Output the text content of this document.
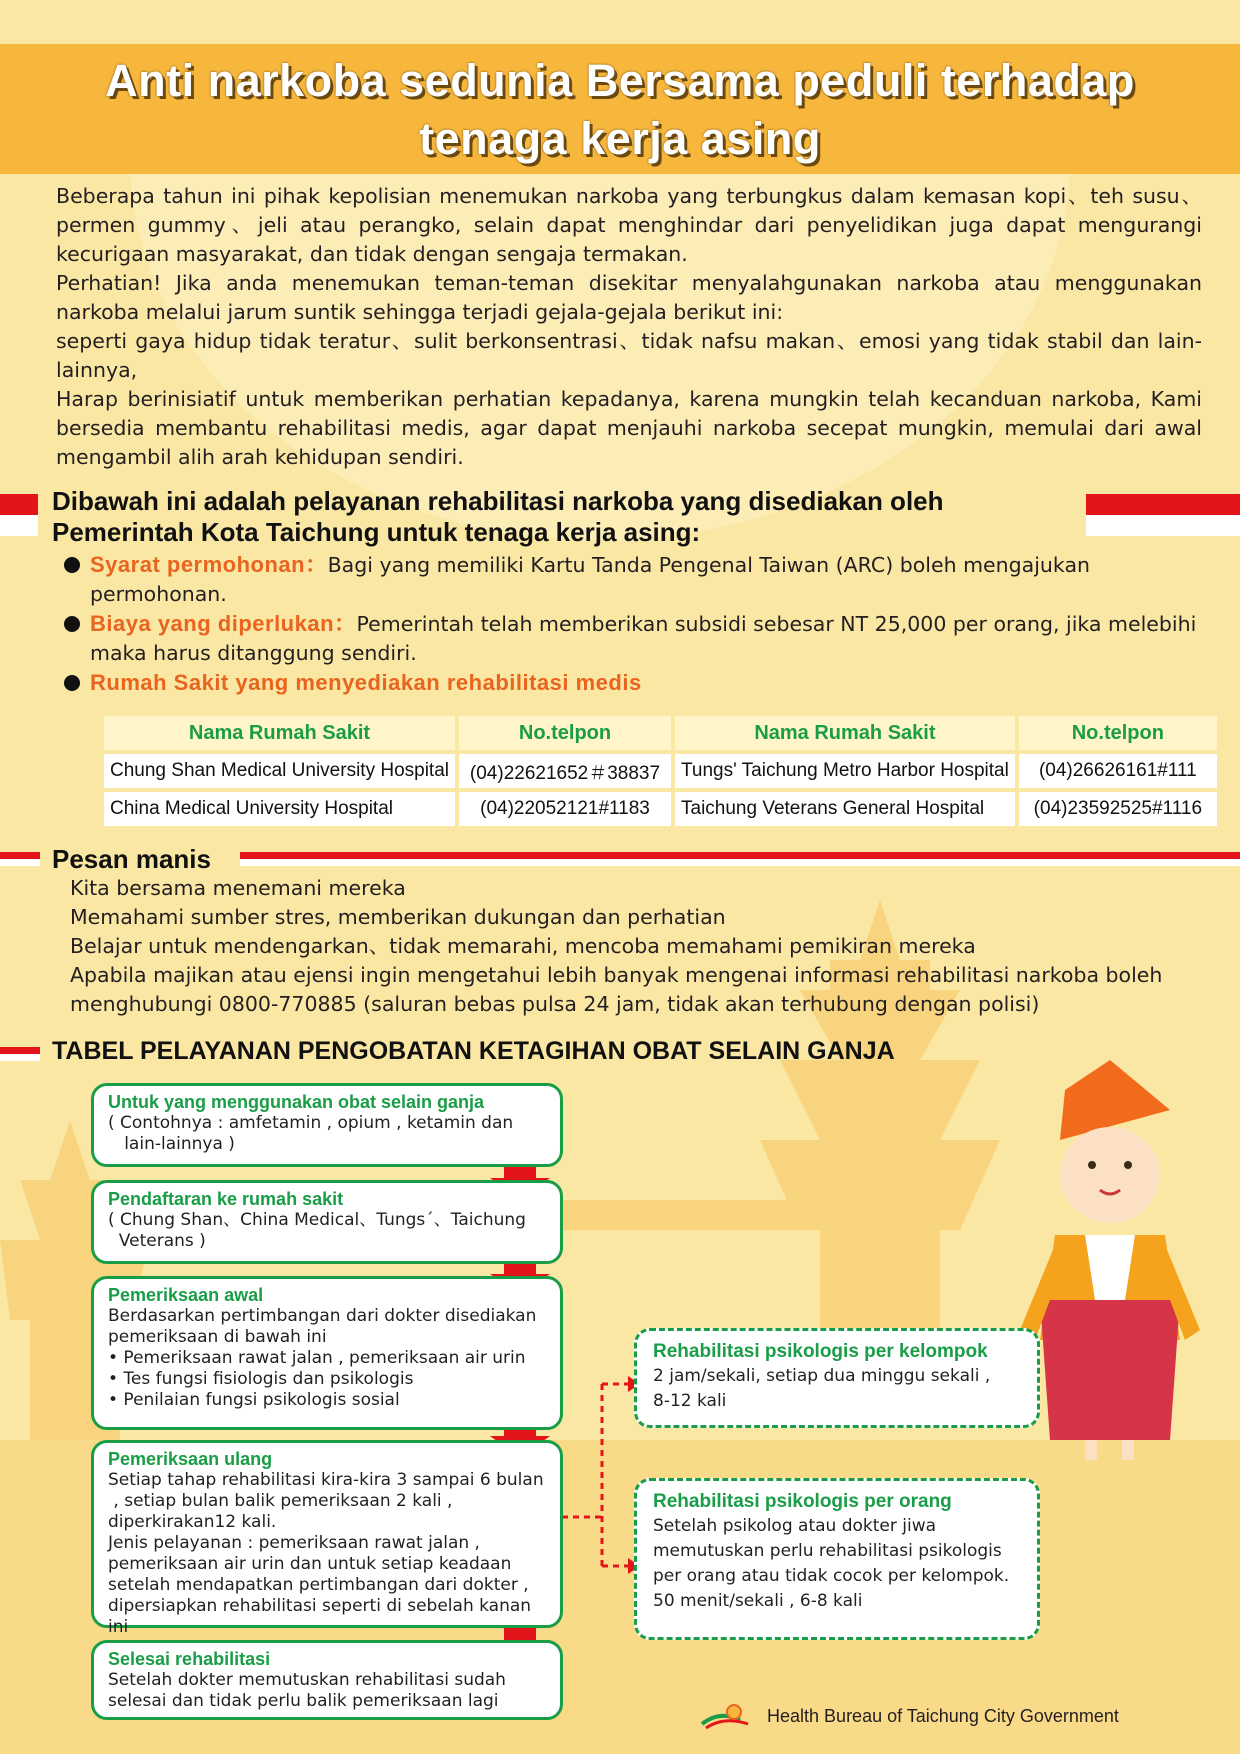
Anti narkoba sedunia Bersama peduli terhadap
tenaga kerja asing

Beberapa tahun ini pihak kepolisian menemukan narkoba yang terbungkus dalam kemasan kopi、teh susu、permen gummy、jeli atau perangko, selain dapat menghindar dari penyelidikan juga dapat mengurangi kecurigaan masyarakat, dan tidak dengan sengaja termakan.

Perhatian! Jika anda menemukan teman-teman disekitar menyalahgunakan narkoba atau menggunakan narkoba melalui jarum suntik sehingga terjadi gejala-gejala berikut ini:

seperti gaya hidup tidak teratur、sulit berkonsentrasi、tidak nafsu makan、emosi yang tidak stabil dan lain-lainnya,

Harap berinisiatif untuk memberikan perhatian kepadanya, karena mungkin telah kecanduan narkoba, Kami bersedia membantu rehabilitasi medis, agar dapat menjauhi narkoba secepat mungkin, memulai dari awal mengambil alih arah kehidupan sendiri.

Dibawah ini adalah pelayanan rehabilitasi narkoba yang disediakan oleh
Pemerintah Kota Taichung untuk tenaga kerja asing:
Syarat permohonan：Bagi yang memiliki Kartu Tanda Pengenal Taiwan (ARC) boleh mengajukan permohonan.
Biaya yang diperlukan：Pemerintah telah memberikan subsidi sebesar NT 25,000 per orang, jika melebihi maka harus ditanggung sendiri.
Rumah Sakit yang menyediakan rehabilitasi medis
Nama Rumah Sakit	No.telpon	Nama Rumah Sakit	No.telpon
Chung Shan Medical University Hospital	(04)22621652＃38837	Tungs' Taichung Metro Harbor Hospital	(04)26626161#111
China Medical University Hospital	(04)22052121#1183	Taichung Veterans General Hospital	(04)23592525#1116
Pesan manis

Kita bersama menemani mereka

Memahami sumber stres, memberikan dukungan dan perhatian

Belajar untuk mendengarkan、tidak memarahi, mencoba memahami pemikiran mereka

Apabila majikan atau ejensi ingin mengetahui lebih banyak mengenai informasi rehabilitasi narkoba boleh menghubungi 0800-770885 (saluran bebas pulsa 24 jam, tidak akan terhubung dengan polisi)

TABEL PELAYANAN PENGOBATAN KETAGIHAN OBAT SELAIN GANJA
Untuk yang menggunakan obat selain ganja
( Contohnya : amfetamin , opium , ketamin dan
lain-lainnya )
Pendaftaran ke rumah sakit
( Chung Shan、China Medical、Tungs´、Taichung
Veterans )
Pemeriksaan awal
Berdasarkan pertimbangan dari dokter disediakan
pemeriksaan di bawah ini
• Pemeriksaan rawat jalan , pemeriksaan air urin
• Tes fungsi fisiologis dan psikologis
• Penilaian fungsi psikologis sosial
Pemeriksaan ulang
Setiap tahap rehabilitasi kira-kira 3 sampai 6 bulan
, setiap bulan balik pemeriksaan 2 kali ,
diperkirakan12 kali.
Jenis pelayanan : pemeriksaan rawat jalan ,
pemeriksaan air urin dan untuk setiap keadaan
setelah mendapatkan pertimbangan dari dokter ,
dipersiapkan rehabilitasi seperti di sebelah kanan ini
Selesai rehabilitasi
Setelah dokter memutuskan rehabilitasi sudah
selesai dan tidak perlu balik pemeriksaan lagi
Rehabilitasi psikologis per kelompok
2 jam/sekali, setiap dua minggu sekali ,
8-12 kali
Rehabilitasi psikologis per orang
Setelah psikolog atau dokter jiwa
memutuskan perlu rehabilitasi psikologis
per orang atau tidak cocok per kelompok.
50 menit/sekali , 6-8 kali
Health Bureau of Taichung City Government
